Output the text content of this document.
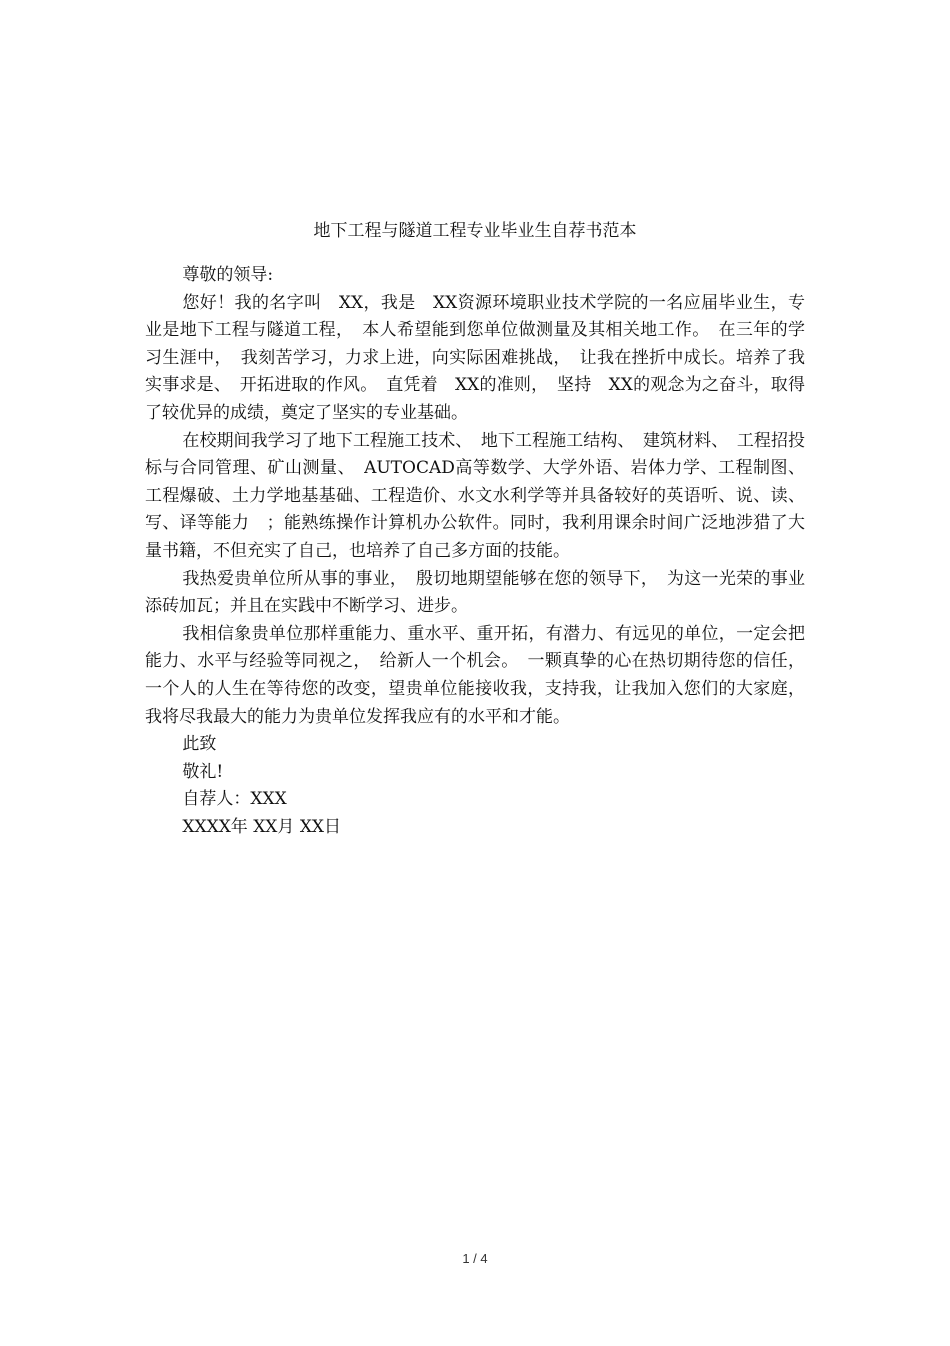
地下工程与隧道工程专业毕业生自荐书范本

尊敬的领导:

您好！我的名字叫　XX，我是　XX资源环境职业技术学院的一名应届毕业生，专业是地下工程与隧道工程，　本人希望能到您单位做测量及其相关地工作。　在三年的学习生涯中，　我刻苦学习，力求上进，向实际困难挑战，　让我在挫折中成长。培养了我实事求是、　开拓进取的作风。　直凭着　XX的准则，　坚持　XX的观念为之奋斗，取得了较优异的成绩，奠定了坚实的专业基础。

在校期间我学习了地下工程施工技术、　地下工程施工结构、　建筑材料、　工程招投标与合同管理、矿山测量、　AUTOCAD高等数学、大学外语、岩体力学、工程制图、工程爆破、土力学地基基础、工程造价、水文水利学等并具备较好的英语听、说、读、写、译等能力　；能熟练操作计算机办公软件。同时，我利用课余时间广泛地涉猎了大量书籍，不但充实了自己，也培养了自己多方面的技能。

我热爱贵单位所从事的事业，　殷切地期望能够在您的领导下，　为这一光荣的事业添砖加瓦；并且在实践中不断学习、进步。

我相信象贵单位那样重能力、重水平、重开拓，有潜力、有远见的单位，一定会把能力、水平与经验等同视之，　给新人一个机会。　一颗真挚的心在热切期待您的信任，一个人的人生在等待您的改变，望贵单位能接收我，支持我，让我加入您们的大家庭，我将尽我最大的能力为贵单位发挥我应有的水平和才能。

此致

敬礼!

自荐人：XXX

XXXX年 XX月 XX日

1 / 4
